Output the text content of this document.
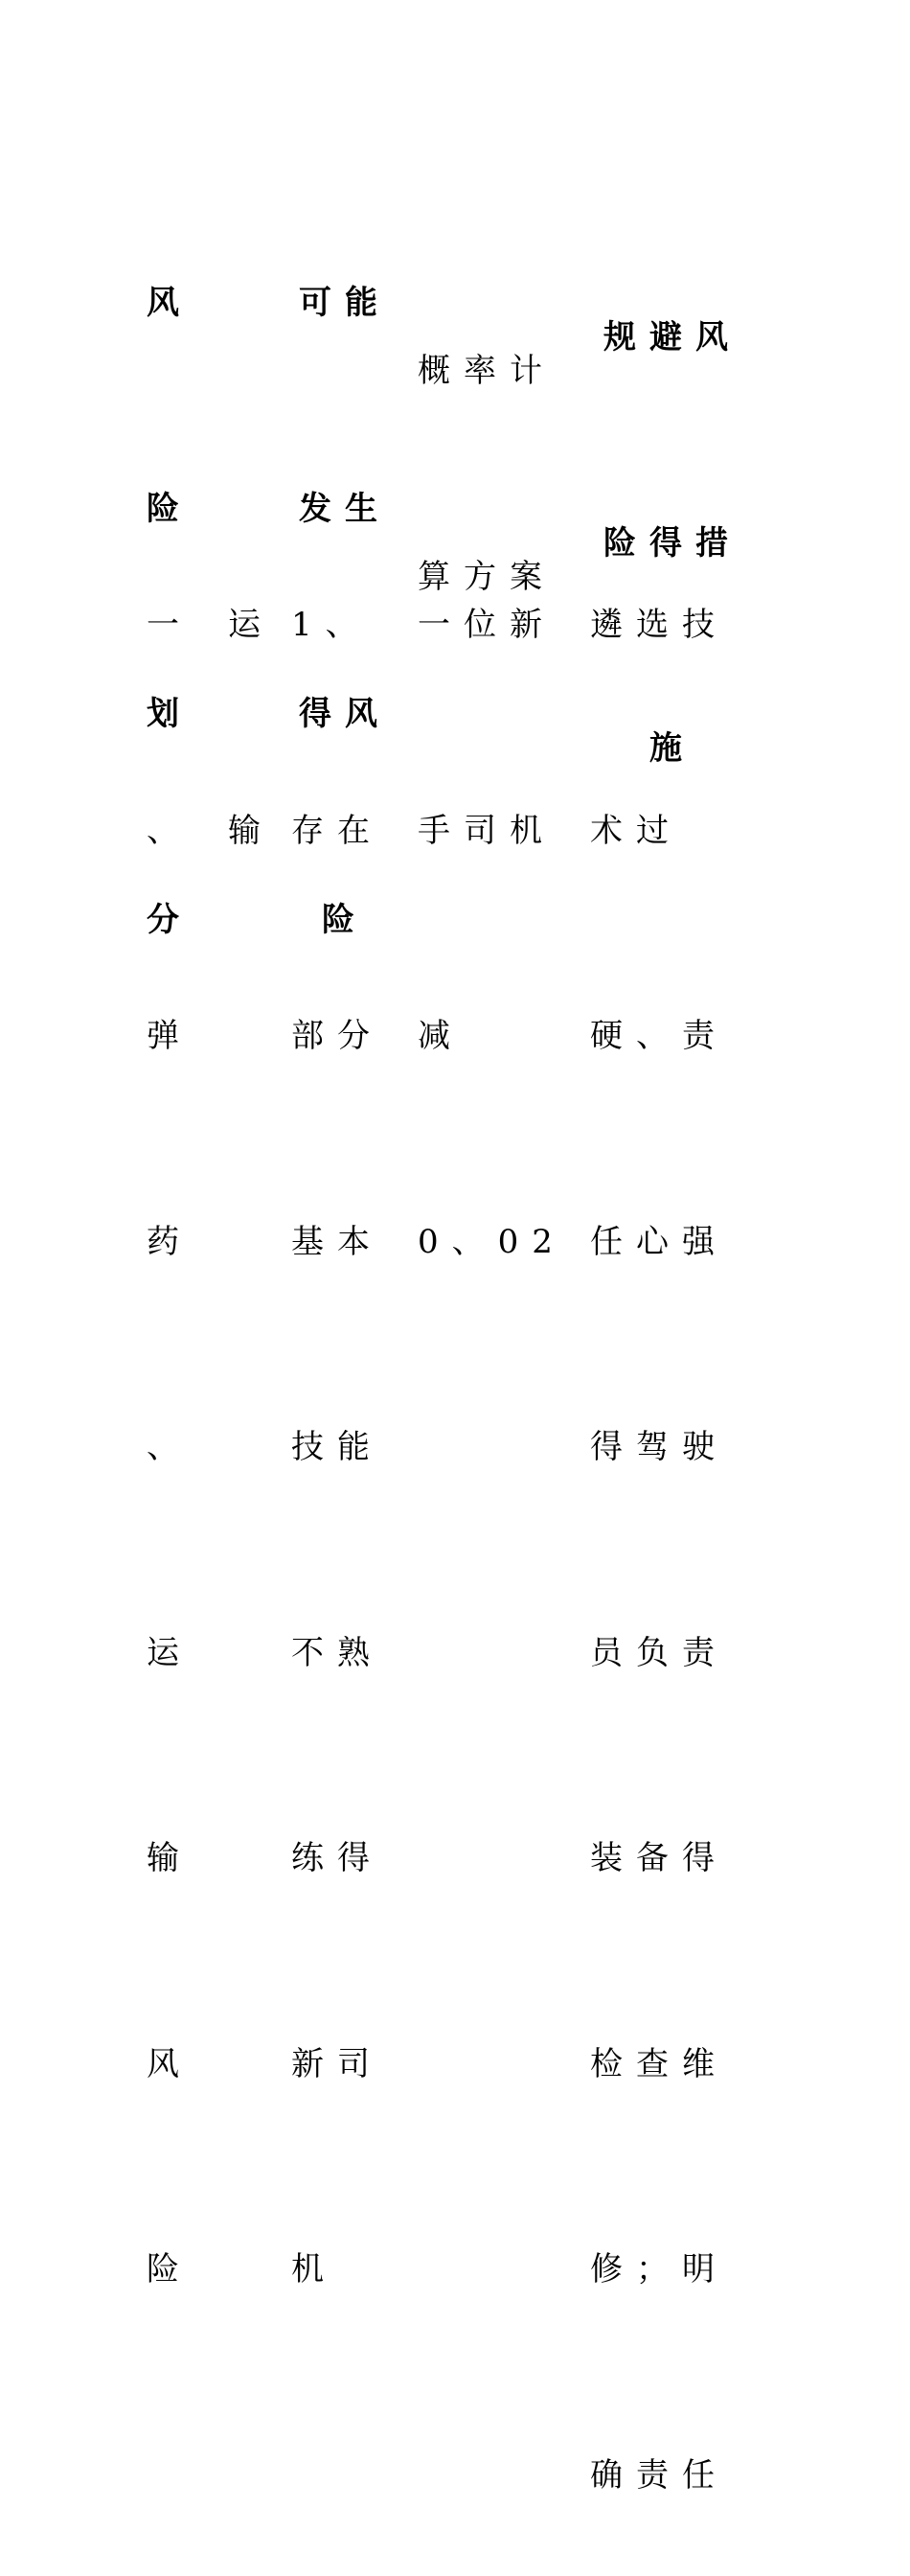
风

险

划

分

可能

发生

得风

险

概率计

算方案

规避风

险得措

施

一

、

弹

药

、

运

输

风

险

运

输

1、

存在

部分

基本

技能

不熟

练得

新司

机

一位新

手司机

减

0、02

遴选技

术过

硬、责

任心强

得驾驶

员负责

装备得

检查维

修；明

确责任
